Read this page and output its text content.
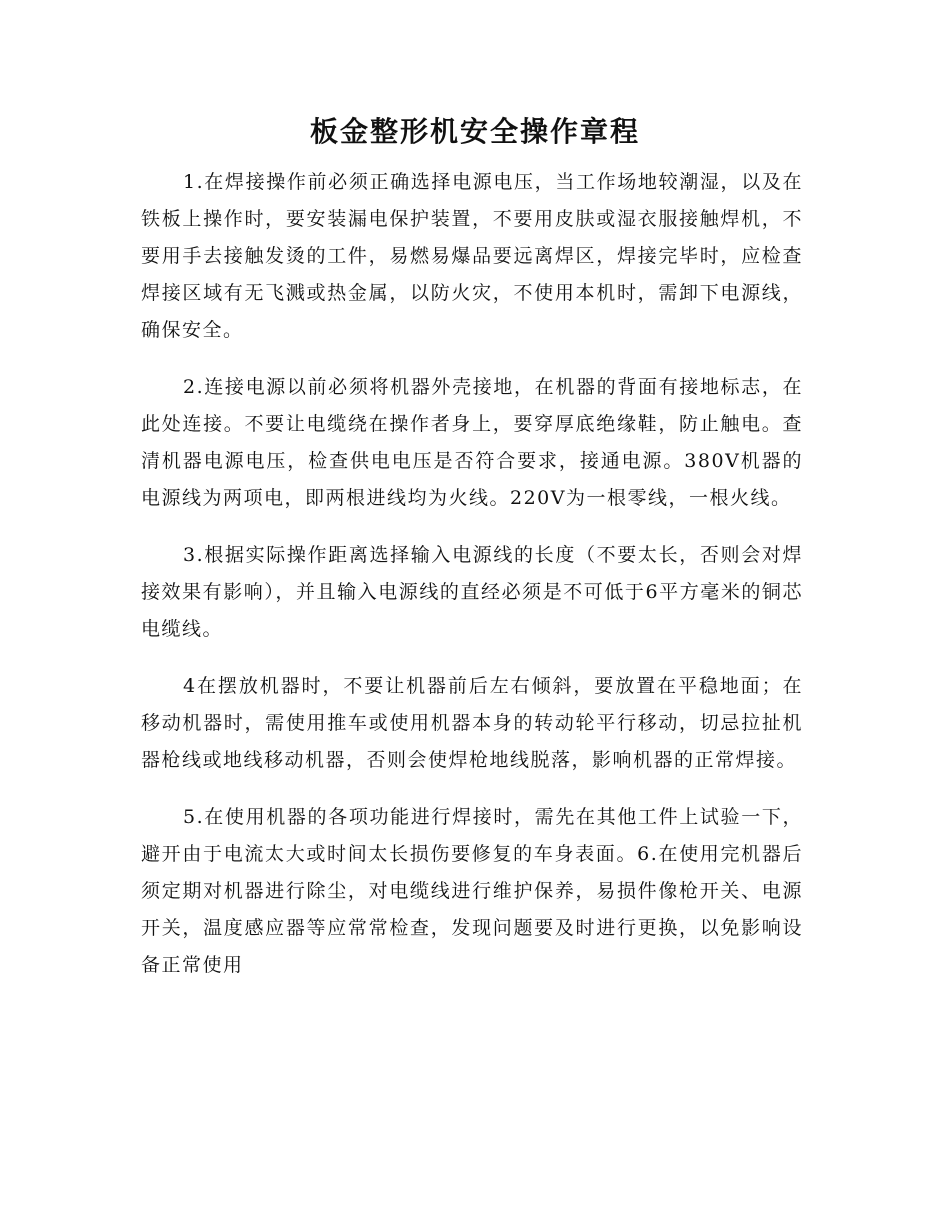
板金整形机安全操作章程

1.在焊接操作前必须正确选择电源电压，当工作场地较潮湿，以及在铁板上操作时，要安装漏电保护装置，不要用皮肤或湿衣服接触焊机，不要用手去接触发烫的工件，易燃易爆品要远离焊区，焊接完毕时，应检查焊接区域有无飞溅或热金属，以防火灾，不使用本机时，需卸下电源线，确保安全。

2.连接电源以前必须将机器外壳接地，在机器的背面有接地标志，在此处连接。不要让电缆绕在操作者身上，要穿厚底绝缘鞋，防止触电。查清机器电源电压，检查供电电压是否符合要求，接通电源。380V机器的电源线为两项电，即两根进线均为火线。220V为一根零线，一根火线。

3.根据实际操作距离选择输入电源线的长度（不要太长，否则会对焊接效果有影响），并且输入电源线的直经必须是不可低于6平方毫米的铜芯电缆线。

4在摆放机器时，不要让机器前后左右倾斜，要放置在平稳地面；在移动机器时，需使用推车或使用机器本身的转动轮平行移动，切忌拉扯机器枪线或地线移动机器，否则会使焊枪地线脱落，影响机器的正常焊接。

5.在使用机器的各项功能进行焊接时，需先在其他工件上试验一下，避开由于电流太大或时间太长损伤要修复的车身表面。6.在使用完机器后须定期对机器进行除尘，对电缆线进行维护保养，易损件像枪开关、电源开关，温度感应器等应常常检查，发现问题要及时进行更换，以免影响设备正常使用
